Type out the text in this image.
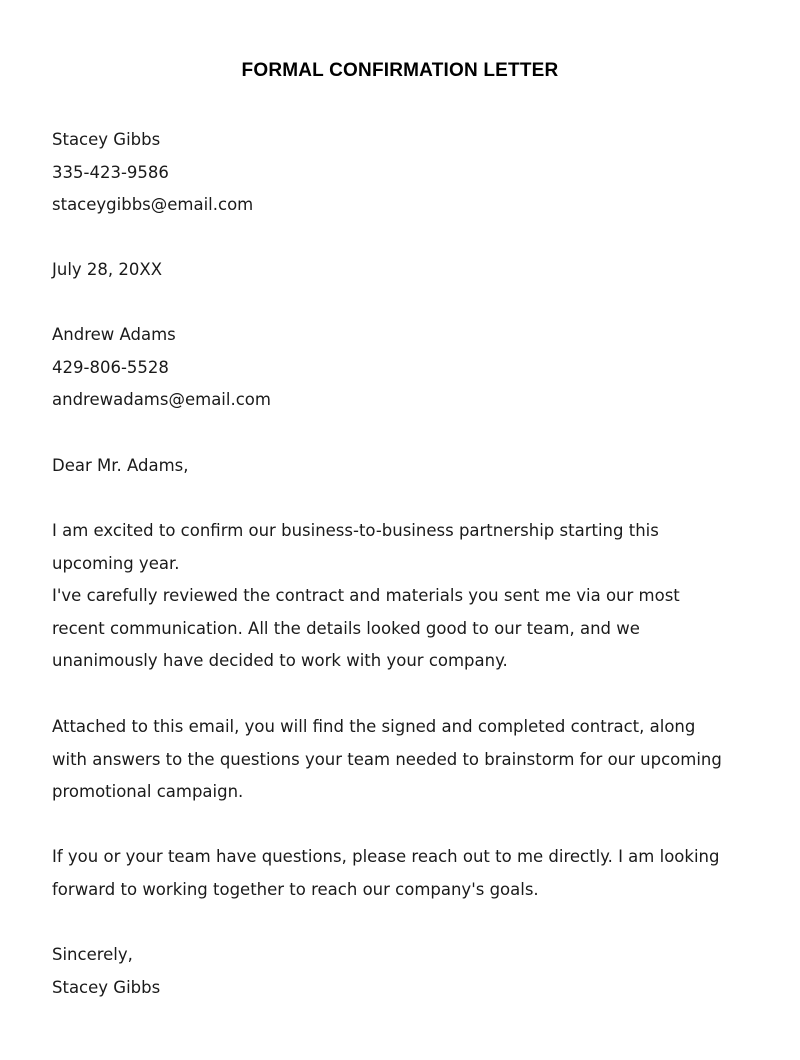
FORMAL CONFIRMATION LETTER
Stacey Gibbs
335-423-9586
staceygibbs@email.com
July 28, 20XX
Andrew Adams
429-806-5528
andrewadams@email.com
Dear Mr. Adams,
I am excited to confirm our business-to-business partnership starting this
upcoming year.
I've carefully reviewed the contract and materials you sent me via our most
recent communication. All the details looked good to our team, and we
unanimously have decided to work with your company.
Attached to this email, you will find the signed and completed contract, along
with answers to the questions your team needed to brainstorm for our upcoming
promotional campaign.
If you or your team have questions, please reach out to me directly. I am looking
forward to working together to reach our company's goals.
Sincerely,
Stacey Gibbs
